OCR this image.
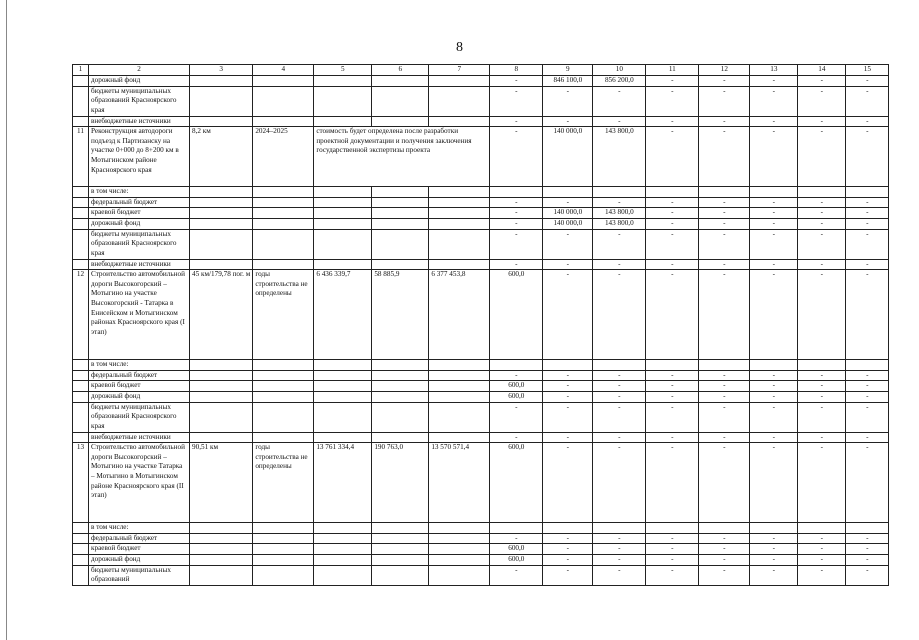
8
1	2	3	4	5	6	7	8	9	10	11	12	13	14	15
	дорожный фонд						-	846 100,0	856 200,0	-	-	-	-	-
	бюджеты муниципальных образований Красноярского края						-	-	-	-	-	-	-	-
	внебюджетные источники						-	-	-	-	-	-	-	-
11	Реконструкция автодороги подъезд к Партизанску на участке 0+000 до 8+200 км в Мотыгинском районе Красноярского края	8,2 км	2024–2025	стоимость будет определена после разработки проектной документации и получения заключения государственной экспертизы проекта			-	140 000,0	143 800,0	-	-	-	-	-
	в том числе:													
	федеральный бюджет						-	-	-	-	-	-	-	-
	краевой бюджет						-	140 000,0	143 800,0	-	-	-	-	-
	дорожный фонд						-	140 000,0	143 800,0	-	-	-	-	-
	бюджеты муниципальных образований Красноярского края						-	-	-	-	-	-	-	-
	внебюджетные источники						-	-	-	-	-	-	-	-
12	Строительство автомобильной дороги Высокогорский – Мотыгино на участке Высокогорский - Татарка в Енисейском и Мотыгинском районах Красноярского края (I этап)	45 км/179,78 пог. м	годы строительства не определены	6 436 339,7	58 885,9	6 377 453,8	600,0	-	-	-	-	-	-	-
	в том числе:													
	федеральный бюджет						-	-	-	-	-	-	-	-
	краевой бюджет						600,0	-	-	-	-	-	-	-
	дорожный фонд						600,0	-	-	-	-	-	-	-
	бюджеты муниципальных образований Красноярского края						-	-	-	-	-	-	-	-
	внебюджетные источники						-	-	-	-	-	-	-	-
13	Строительство автомобильной дороги Высокогорский – Мотыгино на участке Татарка – Мотыгино в Мотыгинском районе Красноярского края (II этап)	90,51 км	годы строительства не определены	13 761 334,4	190 763,0	13 570 571,4	600,0	-	-	-	-	-	-	-
	в том числе:													
	федеральный бюджет						-	-	-	-	-	-	-	-
	краевой бюджет						600,0	-	-	-	-	-	-	-
	дорожный фонд						600,0	-	-	-	-	-	-	-
	бюджеты муниципальных образований						-	-	-	-	-	-	-	-
